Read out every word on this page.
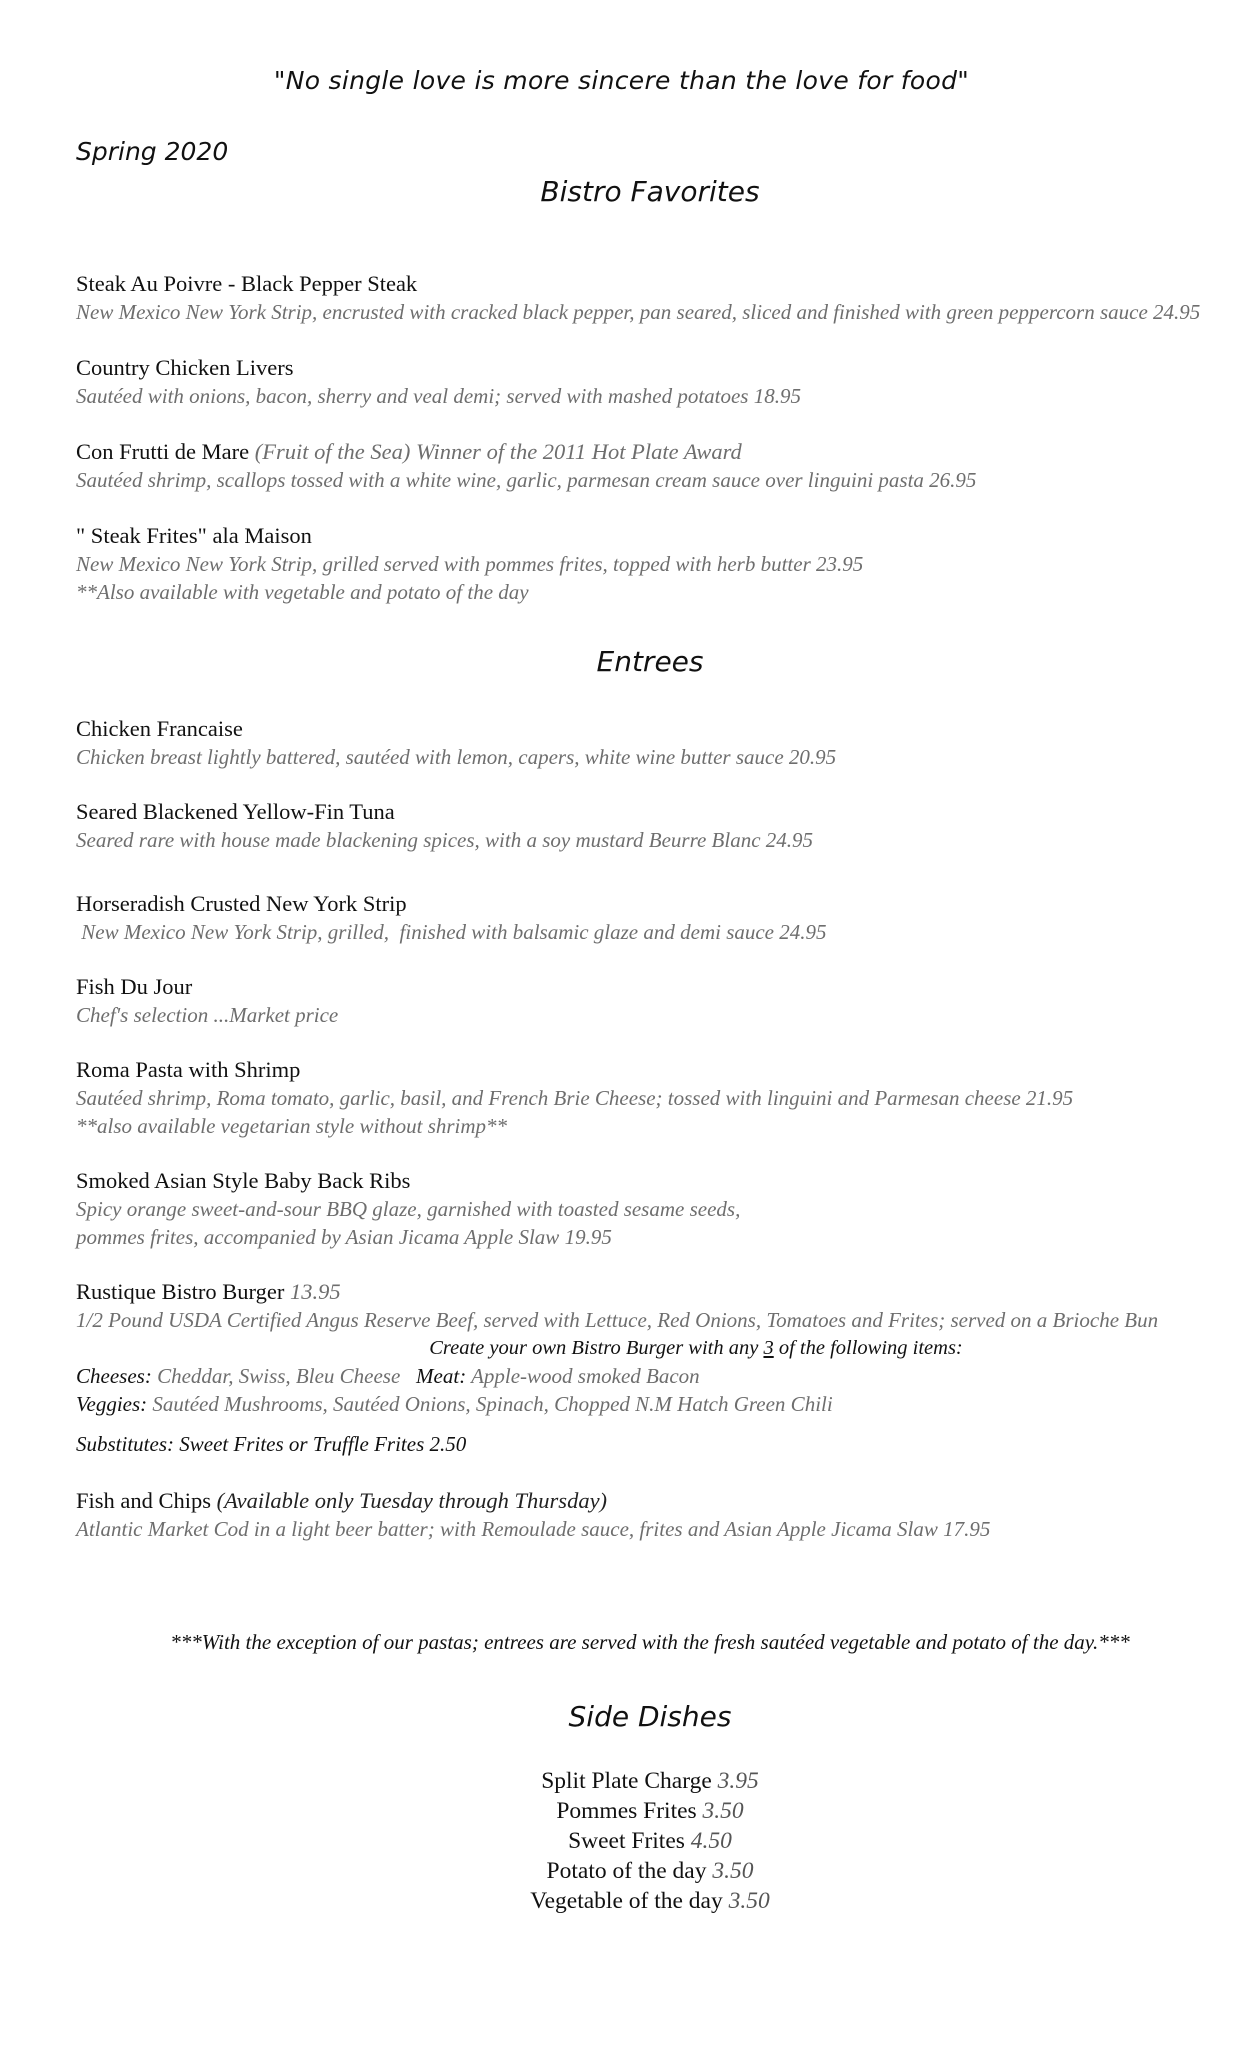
"No single love is more sincere than the love for food"
Spring 2020
Bistro Favorites
Steak Au Poivre - Black Pepper Steak
New Mexico New York Strip, encrusted with cracked black pepper, pan seared, sliced and finished with green peppercorn sauce 24.95
Country Chicken Livers
Sautéed with onions, bacon, sherry and veal demi; served with mashed potatoes 18.95
Con Frutti de Mare (Fruit of the Sea) Winner of the 2011 Hot Plate Award
Sautéed shrimp, scallops tossed with a white wine, garlic, parmesan cream sauce over linguini pasta 26.95
" Steak Frites" ala Maison
New Mexico New York Strip, grilled served with pommes frites, topped with herb butter 23.95
**Also available with vegetable and potato of the day
Entrees
Chicken Francaise
Chicken breast lightly battered, sautéed with lemon, capers, white wine butter sauce 20.95
Seared Blackened Yellow-Fin Tuna
Seared rare with house made blackening spices, with a soy mustard Beurre Blanc 24.95
Horseradish Crusted New York Strip
New Mexico New York Strip, grilled,  finished with balsamic glaze and demi sauce 24.95
Fish Du Jour
Chef's selection ...Market price
Roma Pasta with Shrimp
Sautéed shrimp, Roma tomato, garlic, basil, and French Brie Cheese; tossed with linguini and Parmesan cheese 21.95
**also available vegetarian style without shrimp**
Smoked Asian Style Baby Back Ribs
Spicy orange sweet-and-sour BBQ glaze, garnished with toasted sesame seeds,
pommes frites, accompanied by Asian Jicama Apple Slaw 19.95
Rustique Bistro Burger 13.95
1/2 Pound USDA Certified Angus Reserve Beef, served with Lettuce, Red Onions, Tomatoes and Frites; served on a Brioche Bun
Create your own Bistro Burger with any 3 of the following items:
Cheeses: Cheddar, Swiss, Bleu Cheese   Meat: Apple-wood smoked Bacon
Veggies: Sautéed Mushrooms, Sautéed Onions, Spinach, Chopped N.M Hatch Green Chili
Substitutes: Sweet Frites or Truffle Frites 2.50
Fish and Chips (Available only Tuesday through Thursday)
Atlantic Market Cod in a light beer batter; with Remoulade sauce, frites and Asian Apple Jicama Slaw 17.95
***With the exception of our pastas; entrees are served with the fresh sautéed vegetable and potato of the day.***
Side Dishes
Split Plate Charge 3.95
Pommes Frites 3.50
Sweet Frites 4.50
Potato of the day 3.50
Vegetable of the day 3.50
